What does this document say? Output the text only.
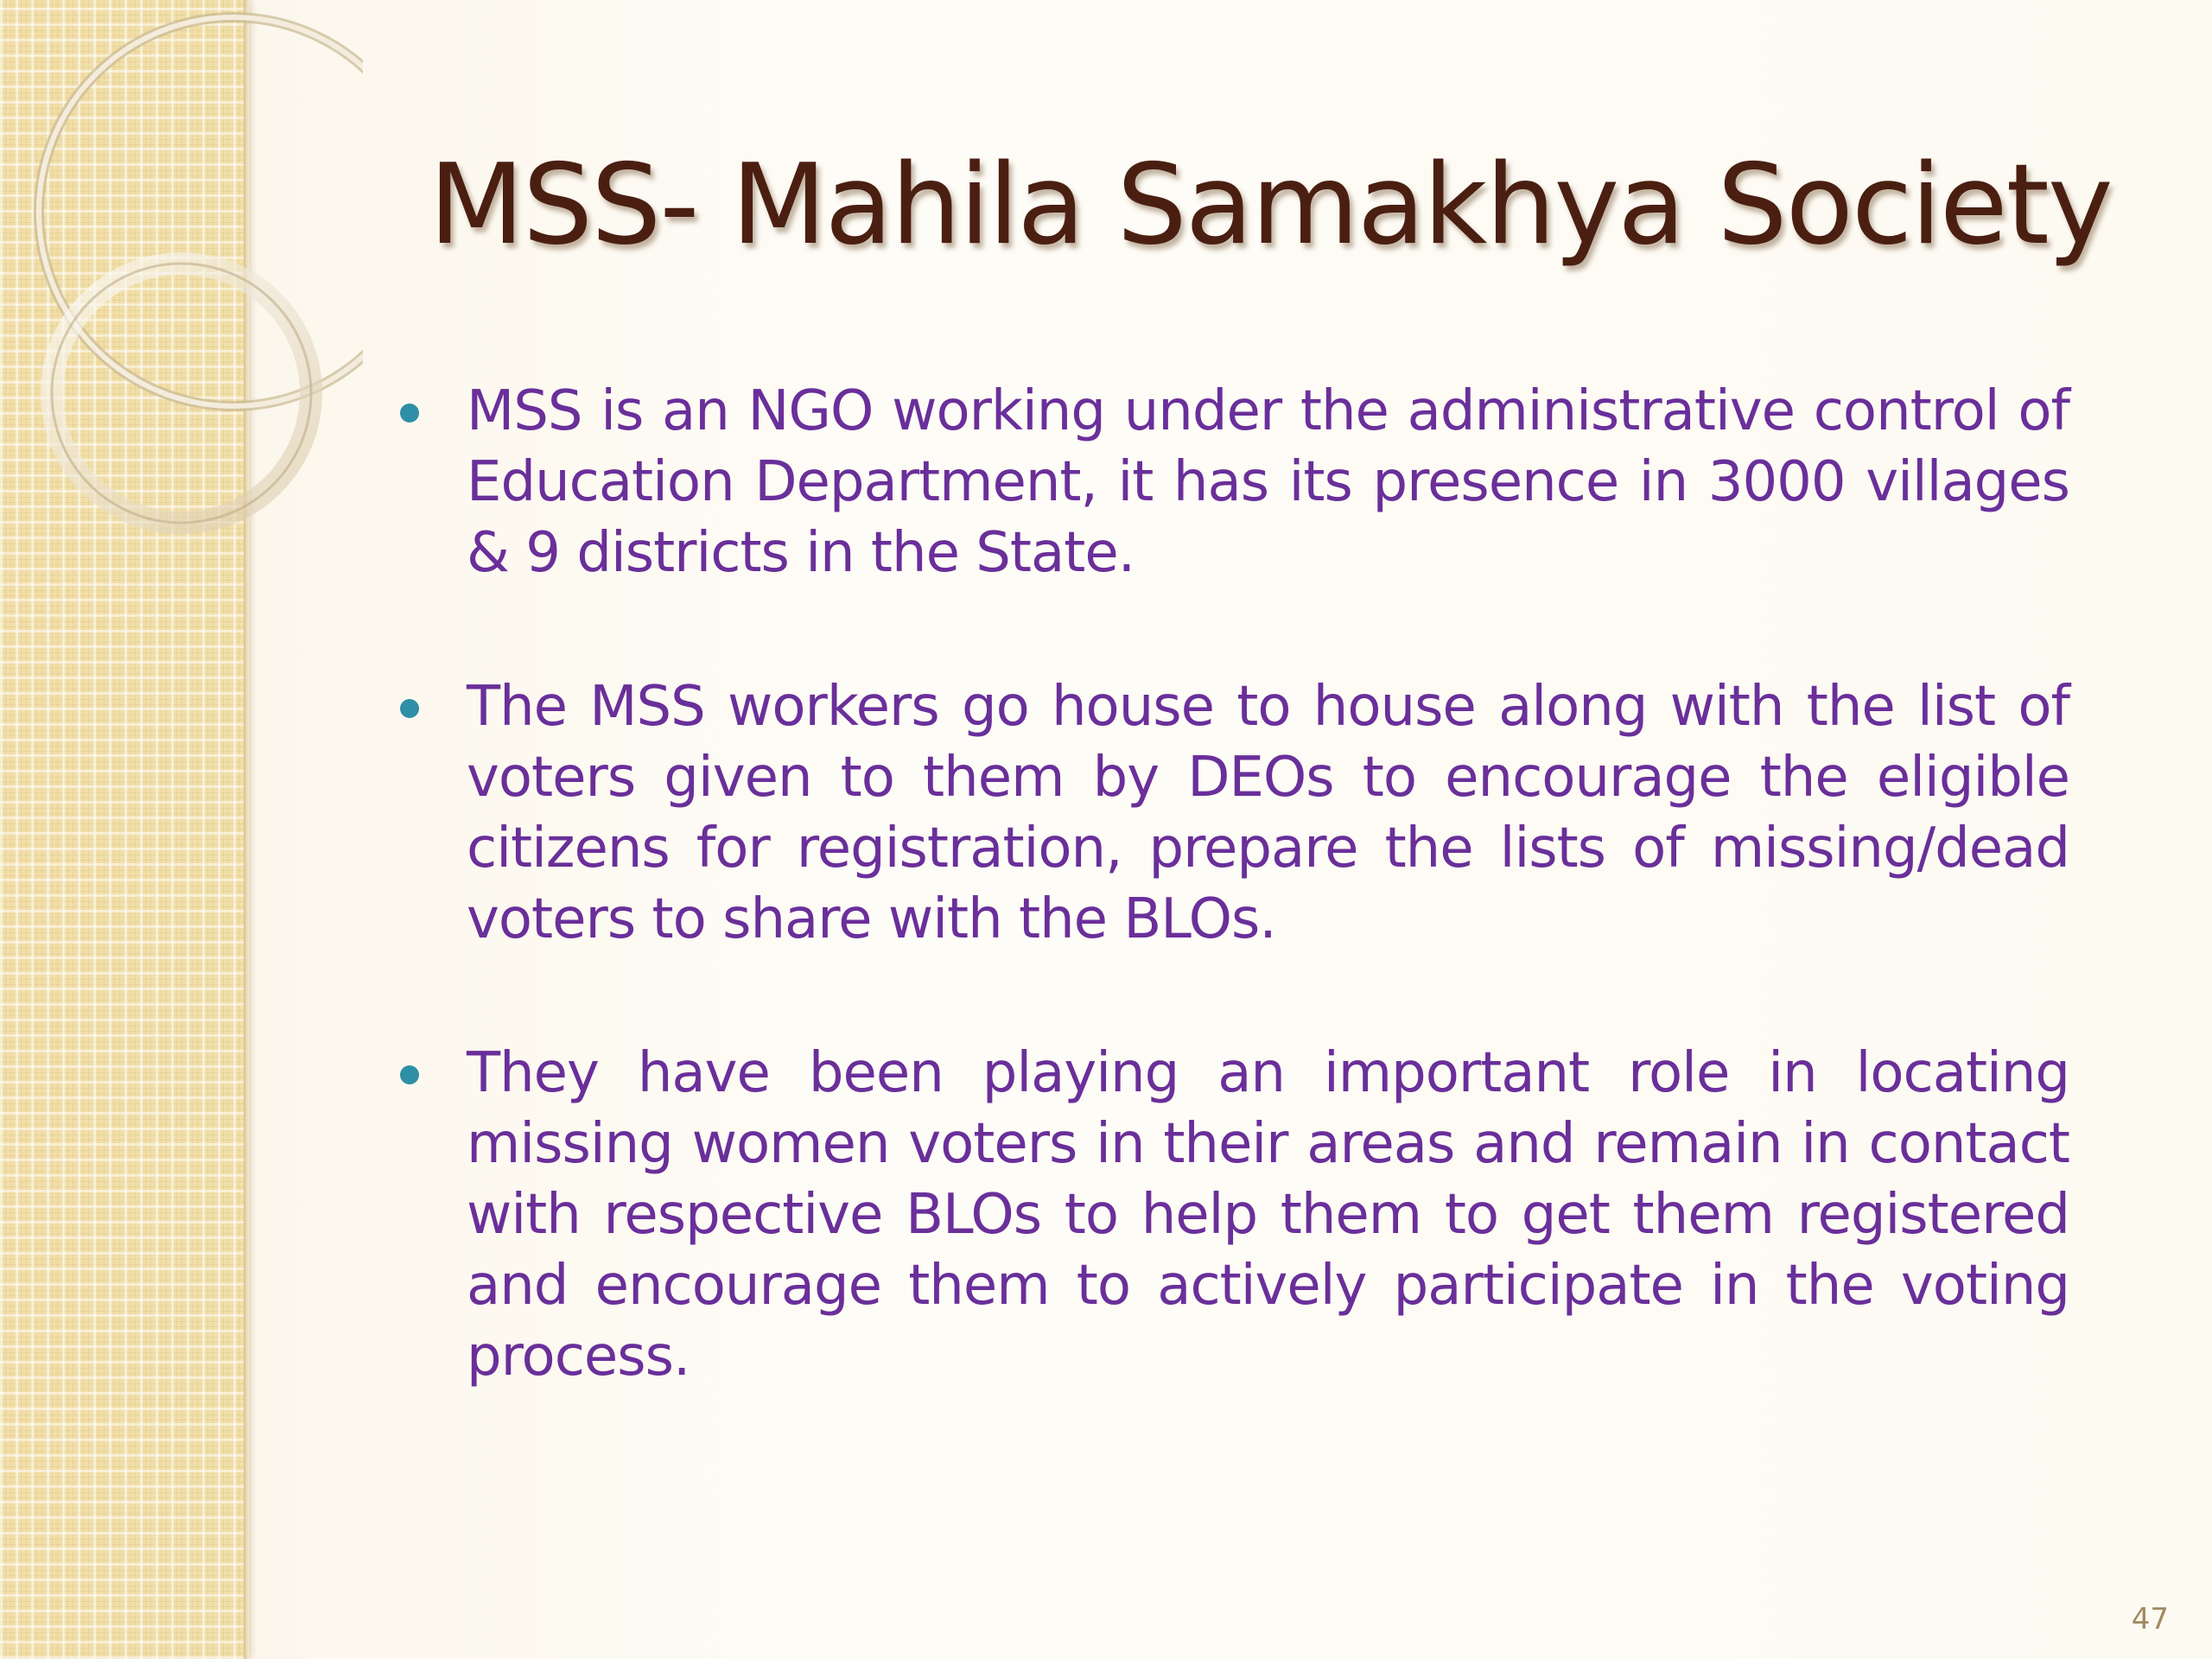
MSS- Mahila Samakhya Society
MSS is an NGO working under the administrative control of Education Department, it has its presence in 3000 villages & 9 districts in the State.
The MSS workers go house to house along with the list of voters given to them by DEOs to encourage the eligible citizens for registration, prepare the lists of missing/dead voters to share with the BLOs.
They have been playing an important role in locating missing women voters in their areas and remain in contact with respective BLOs to help them to get them registered and encourage them to actively participate in the voting process.
47
